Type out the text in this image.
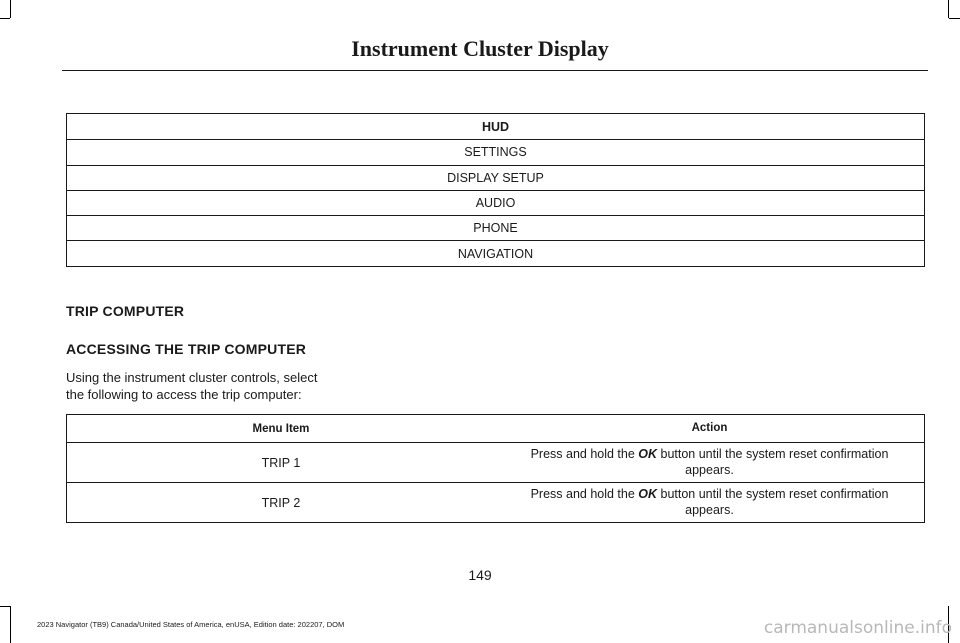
Instrument Cluster Display
HUD
SETTINGS
DISPLAY SETUP
AUDIO
PHONE
NAVIGATION
TRIP COMPUTER
ACCESSING THE TRIP COMPUTER
Using the instrument cluster controls, select
the following to access the trip computer:
Menu Item	Action
TRIP 1
Press and hold the OK button until the system reset confirmation appears.
TRIP 2
Press and hold the OK button until the system reset confirmation appears.
149
2023 Navigator (TB9) Canada/United States of America, enUSA, Edition date: 202207, DOM	carmanualsonline.info
